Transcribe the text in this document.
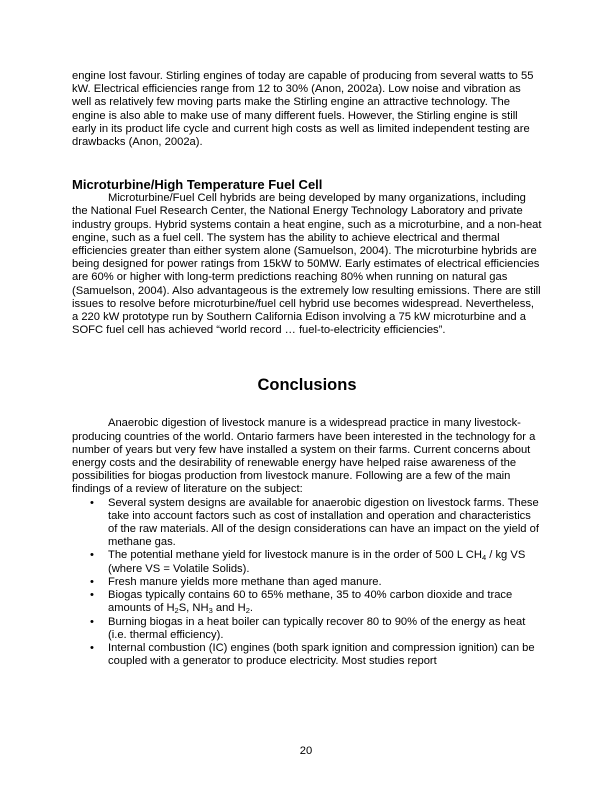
engine lost favour. Stirling engines of today are capable of producing from several watts to 55 kW. Electrical efficiencies range from 12 to 30% (Anon, 2002a). Low noise and vibration as well as relatively few moving parts make the Stirling engine an attractive technology. The engine is also able to make use of many different fuels. However, the Stirling engine is still early in its product life cycle and current high costs as well as limited independent testing are drawbacks (Anon, 2002a).

Microturbine/High Temperature Fuel Cell

Microturbine/Fuel Cell hybrids are being developed by many organizations, including the National Fuel Research Center, the National Energy Technology Laboratory and private industry groups. Hybrid systems contain a heat engine, such as a microturbine, and a non-heat engine, such as a fuel cell. The system has the ability to achieve electrical and thermal efficiencies greater than either system alone (Samuelson, 2004). The microturbine hybrids are being designed for power ratings from 15kW to 50MW. Early estimates of electrical efficiencies are 60% or higher with long-term predictions reaching 80% when running on natural gas (Samuelson, 2004). Also advantageous is the extremely low resulting emissions. There are still issues to resolve before microturbine/fuel cell hybrid use becomes widespread. Nevertheless, a 220 kW prototype run by Southern California Edison involving a 75 kW microturbine and a SOFC fuel cell has achieved “world record … fuel-to-electricity efficiencies”.

Conclusions

Anaerobic digestion of livestock manure is a widespread practice in many livestock-producing countries of the world. Ontario farmers have been interested in the technology for a number of years but very few have installed a system on their farms. Current concerns about energy costs and the desirability of renewable energy have helped raise awareness of the possibilities for biogas production from livestock manure. Following are a few of the main findings of a review of literature on the subject:

• Several system designs are available for anaerobic digestion on livestock farms. These take into account factors such as cost of installation and operation and characteristics of the raw materials. All of the design considerations can have an impact on the yield of methane gas.
• The potential methane yield for livestock manure is in the order of 500 L $CH_4$ / kg VS (where VS = Volatile Solids).
• Fresh manure yields more methane than aged manure.
• Biogas typically contains 60 to 65% methane, 35 to 40% carbon dioxide and trace amounts of $H_2S$, $NH_3$ and $H_2$.
• Burning biogas in a heat boiler can typically recover 80 to 90% of the energy as heat (i.e. thermal efficiency).
• Internal combustion (IC) engines (both spark ignition and compression ignition) can be coupled with a generator to produce electricity. Most studies report
20
